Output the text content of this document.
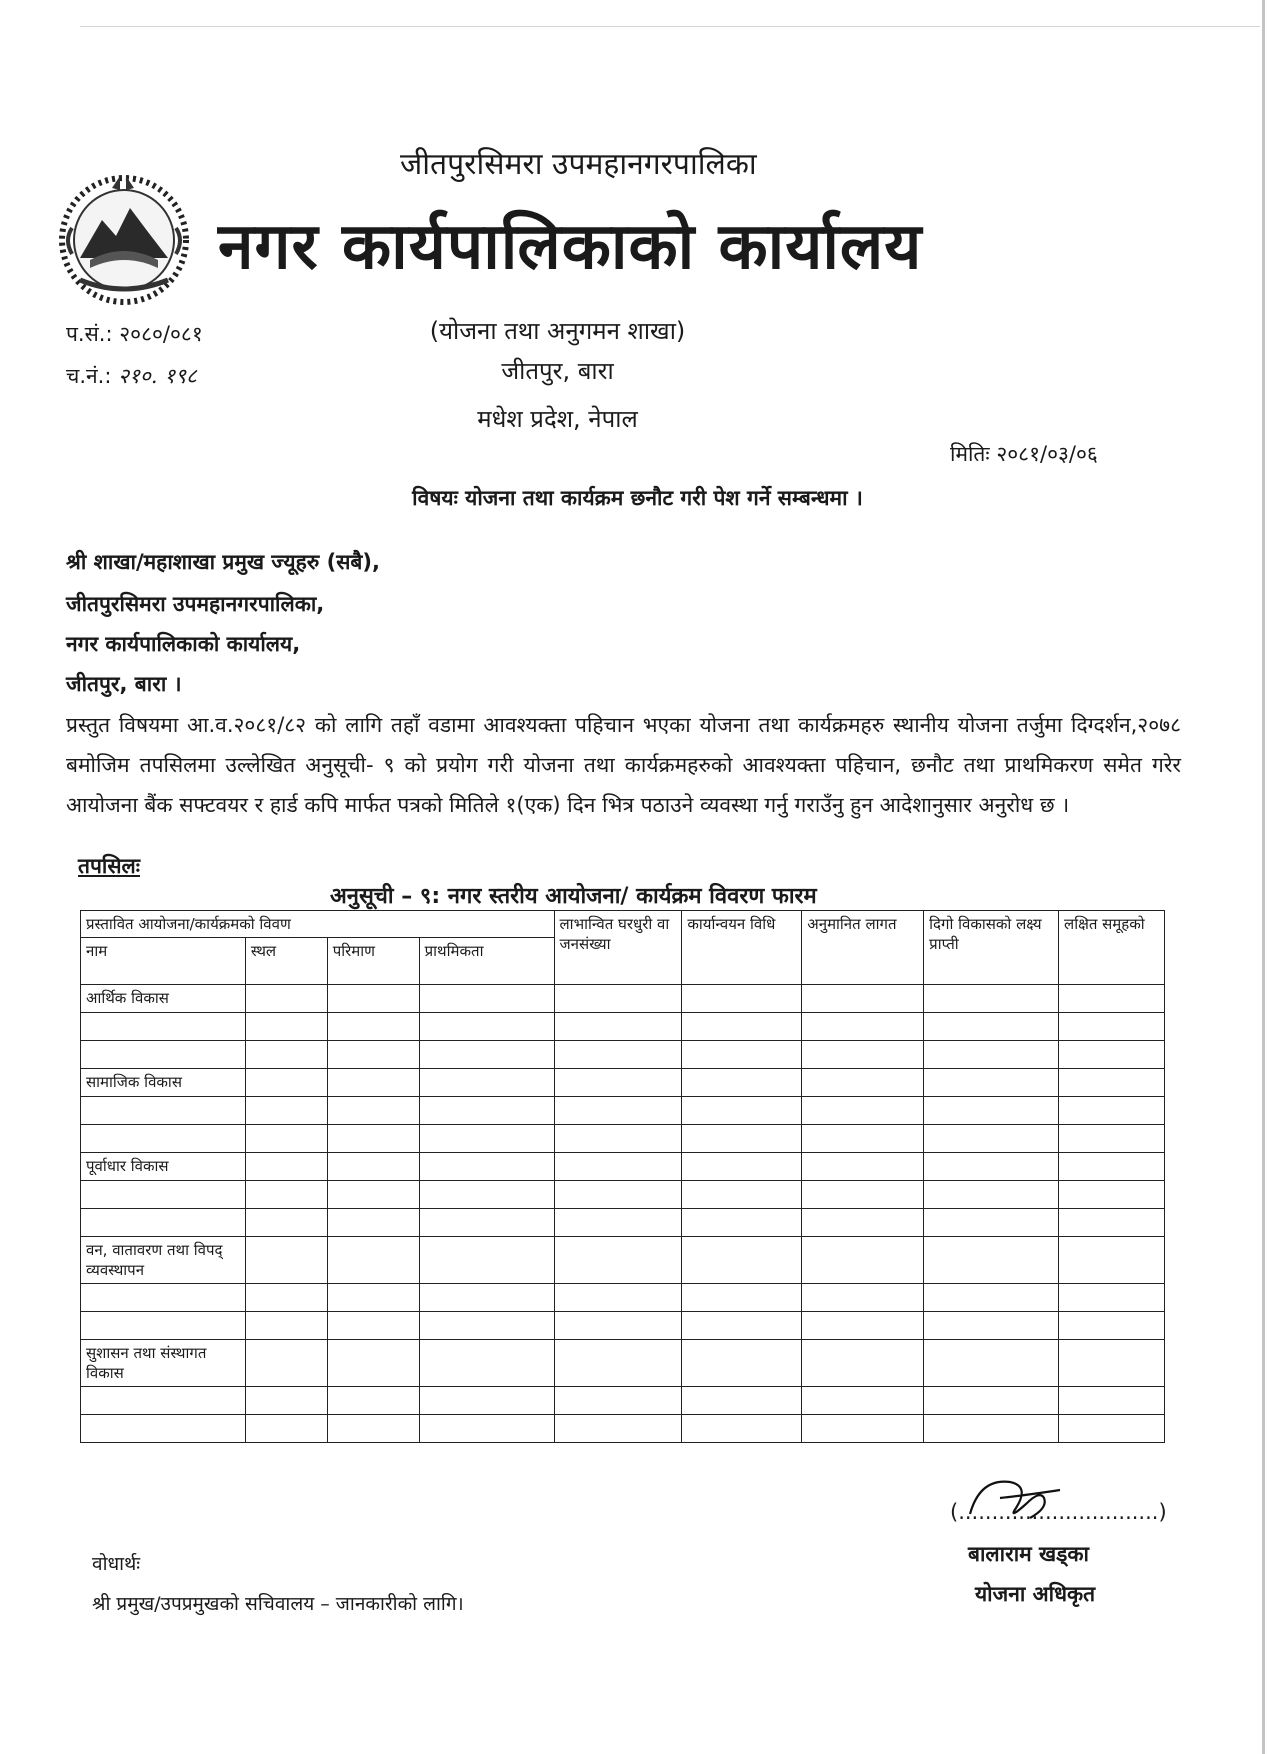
जीतपुरसिमरा उपमहानगरपालिका
नगर कार्यपालिकाको कार्यालय
प.सं.: २०८०/०८१
च.नं.: २१०. १९८
(योजना तथा अनुगमन शाखा)
जीतपुर, बारा
मधेश प्रदेश, नेपाल
मितिः २०८१/०३/०६
विषयः योजना तथा कार्यक्रम छनौट गरी पेश गर्ने सम्बन्धमा ।
श्री शाखा/महाशाखा प्रमुख ज्यूहरु (सबै),
जीतपुरसिमरा उपमहानगरपालिका,
नगर कार्यपालिकाको कार्यालय,
जीतपुर, बारा ।
प्रस्तुत विषयमा आ.व.२०८१/८२ को लागि तहाँ वडामा आवश्यक्ता पहिचान भएका योजना तथा कार्यक्रमहरु स्थानीय योजना तर्जुमा दिग्दर्शन,२०७८ बमोजिम तपसिलमा उल्लेखित अनुसूची- ९ को प्रयोग गरी योजना तथा कार्यक्रमहरुको आवश्यक्ता पहिचान, छनौट तथा प्राथमिकरण समेत गरेर आयोजना बैंक सफ्टवयर र हार्ड कपि मार्फत पत्रको मितिले १(एक) दिन भित्र पठाउने व्यवस्था गर्नु गराउँनु हुन आदेशानुसार अनुरोध छ ।
तपसिलः
अनुसूची – ९: नगर स्तरीय आयोजना/ कार्यक्रम विवरण फारम
प्रस्तावित आयोजना/कार्यक्रमको विवण				लाभान्वित घरधुरी वा जनसंख्या	कार्यान्वयन विधि	अनुमानित लागत	दिगो विकासको लक्ष्य प्राप्ती	लक्षित समूहको
नाम	स्थल	परिमाण	प्राथमिकता					
आर्थिक विकास								

सामाजिक विकास								

पूर्वाधार विकास								

वन, वातावरण तथा विपद् व्यवस्थापन								

सुशासन तथा संस्थागत विकास								

(..............................)
बालाराम खड्का
योजना अधिकृत
वोधार्थः
श्री प्रमुख/उपप्रमुखको सचिवालय – जानकारीको लागि।
